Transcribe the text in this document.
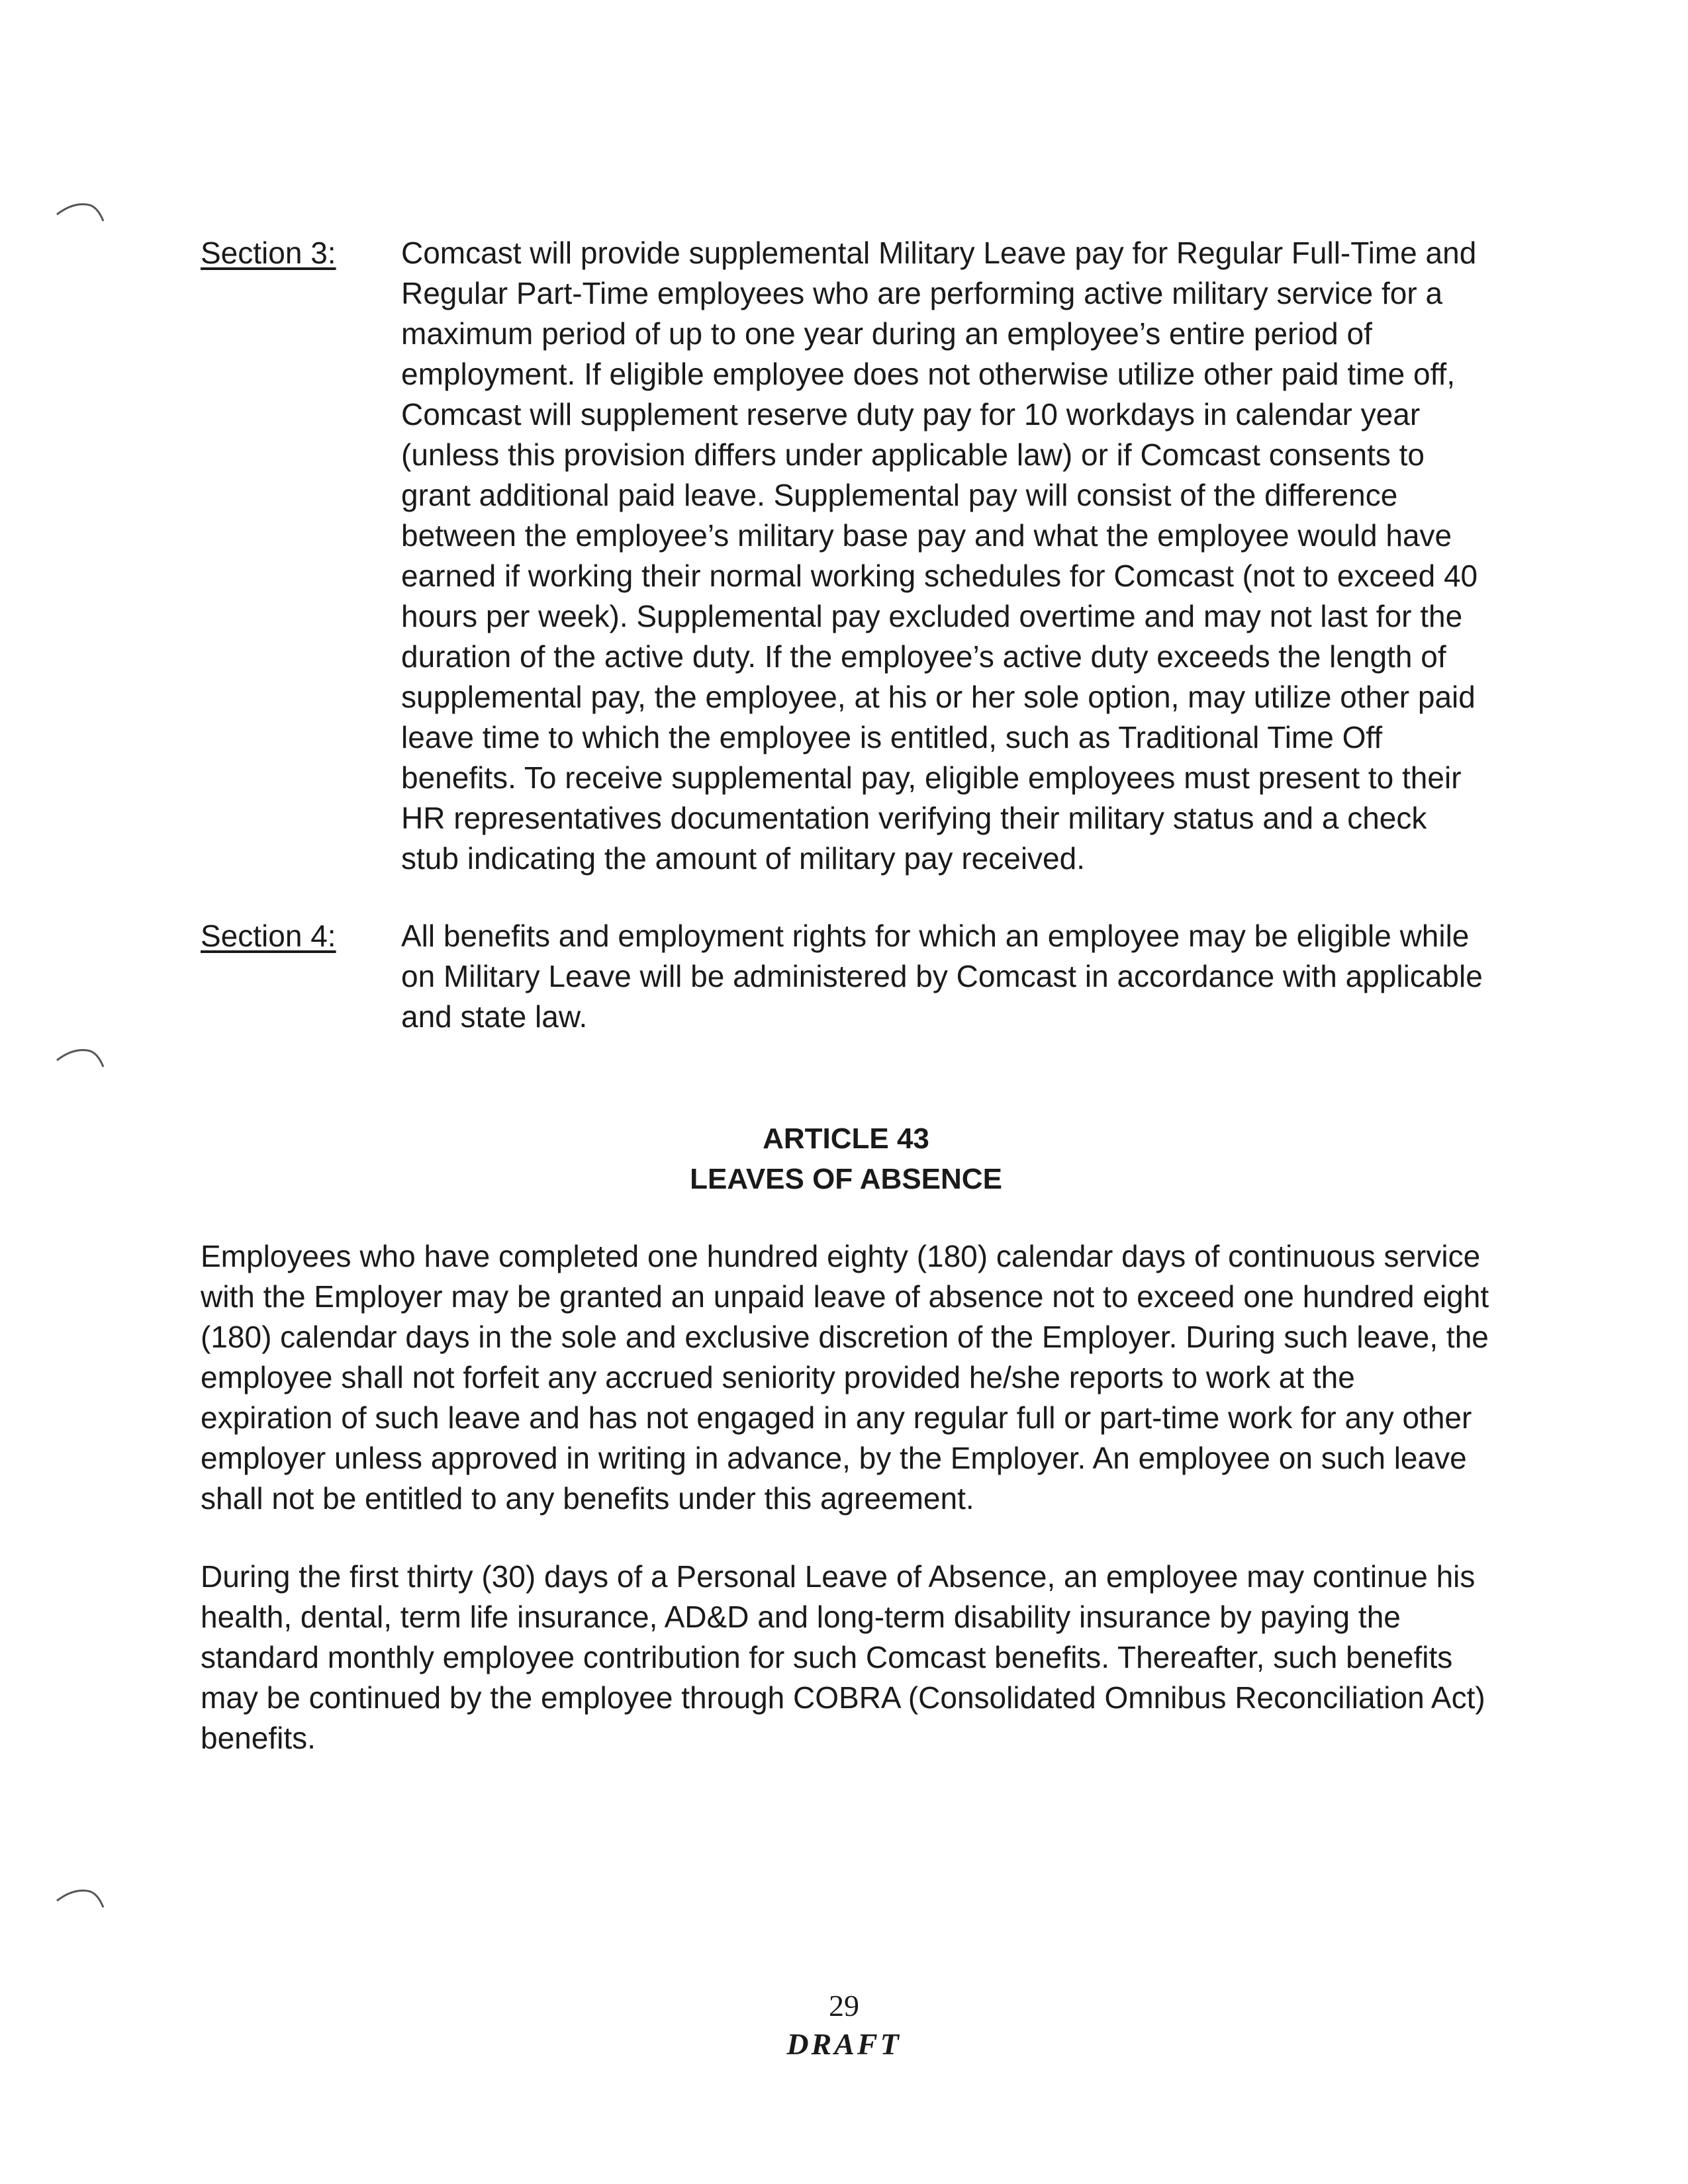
Section 3:	Comcast will provide supplemental Military Leave pay for Regular Full-Time and
Regular Part-Time employees who are performing active military service for a
maximum period of up to one year during an employee’s entire period of
employment. If eligible employee does not otherwise utilize other paid time off,
Comcast will supplement reserve duty pay for 10 workdays in calendar year
(unless this provision differs under applicable law) or if Comcast consents to
grant additional paid leave. Supplemental pay will consist of the difference
between the employee’s military base pay and what the employee would have
earned if working their normal working schedules for Comcast (not to exceed 40
hours per week). Supplemental pay excluded overtime and may not last for the
duration of the active duty. If the employee’s active duty exceeds the length of
supplemental pay, the employee, at his or her sole option, may utilize other paid
leave time to which the employee is entitled, such as Traditional Time Off
benefits. To receive supplemental pay, eligible employees must present to their
HR representatives documentation verifying their military status and a check
stub indicating the amount of military pay received.
Section 4:	All benefits and employment rights for which an employee may be eligible while
on Military Leave will be administered by Comcast in accordance with applicable
and state law.
ARTICLE 43
LEAVES OF ABSENCE
Employees who have completed one hundred eighty (180) calendar days of continuous service
with the Employer may be granted an unpaid leave of absence not to exceed one hundred eight
(180) calendar days in the sole and exclusive discretion of the Employer. During such leave, the
employee shall not forfeit any accrued seniority provided he/she reports to work at the
expiration of such leave and has not engaged in any regular full or part-time work for any other
employer unless approved in writing in advance, by the Employer. An employee on such leave
shall not be entitled to any benefits under this agreement.
During the first thirty (30) days of a Personal Leave of Absence, an employee may continue his
health, dental, term life insurance, AD&D and long-term disability insurance by paying the
standard monthly employee contribution for such Comcast benefits. Thereafter, such benefits
may be continued by the employee through COBRA (Consolidated Omnibus Reconciliation Act)
benefits.
29
DRAFT
